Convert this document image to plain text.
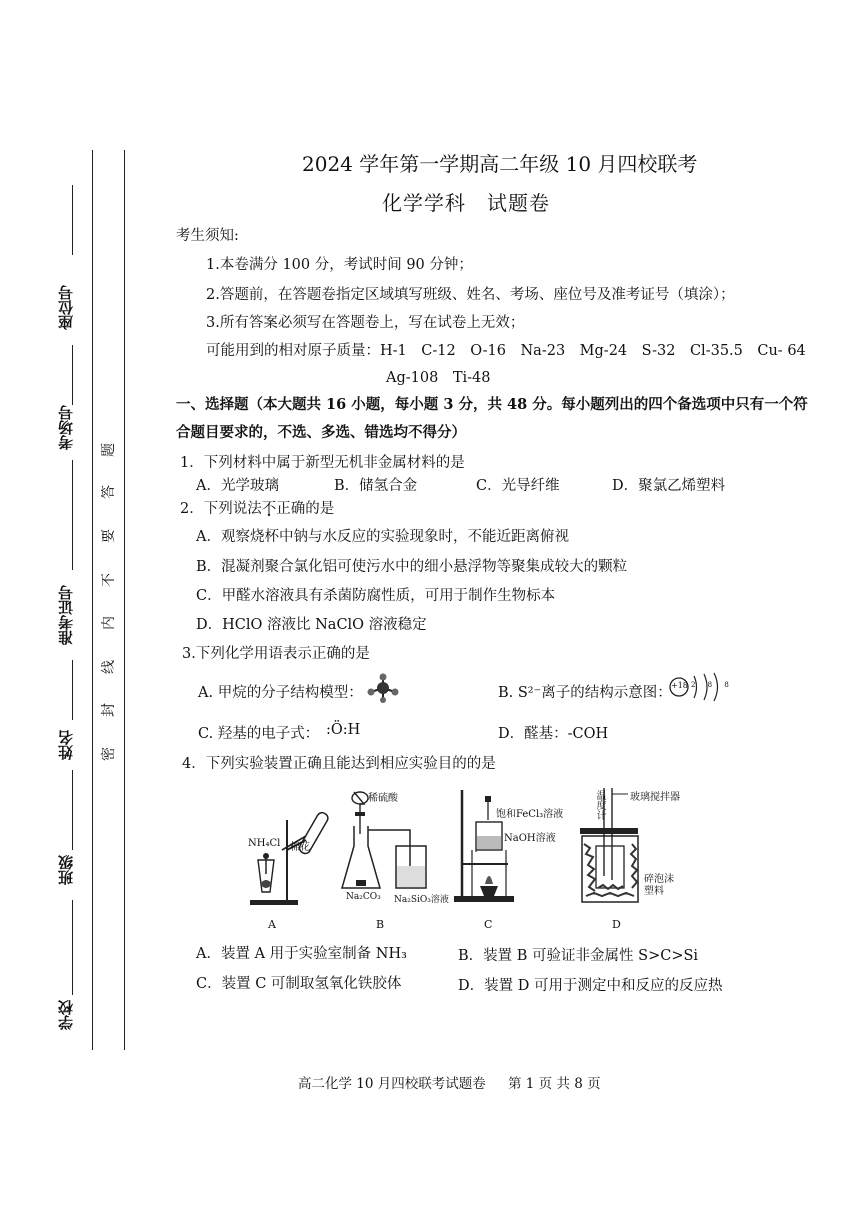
座位号
考场号
准考证号
姓名
班级
学校
题
答
要
不
内
线
封
密
2024 学年第一学期高二年级 10 月四校联考
化学学科　试题卷
考生须知:
1.本卷满分 100 分，考试时间 90 分钟；
2.答题前，在答题卷指定区域填写班级、姓名、考场、座位号及准考证号（填涂）；
3.所有答案必须写在答题卷上，写在试卷上无效；
可能用到的相对原子质量：H-1　C-12　O-16　Na-23　Mg-24　S-32　Cl-35.5　Cu- 64
Ag-108　Ti-48
一、选择题（本大题共 16 小题，每小题 3 分，共 48 分。每小题列出的四个备选项中只有一个符
合题目要求的，不选、多选、错选均不得分）
1．下列材料中属于新型无机非金属材料的是
A．光学玻璃	B．储氢合金	C．光导纤维	D．聚氯乙烯塑料
2．下列说法不正确的是
A．观察烧杯中钠与水反应的实验现象时，不能近距离俯视
B．混凝剂聚合氯化铝可使污水中的细小悬浮物等聚集成较大的颗粒
C．甲醛水溶液具有杀菌防腐性质，可用于制作生物标本
D．HClO 溶液比 NaClO 溶液稳定
3.下列化学用语表示正确的是
A. 甲烷的分子结构模型：	B. S²⁻离子的结构示意图： +18 2 8 8
C. 羟基的电子式： :Ö:H	D．醛基：-COH
4．下列实验装置正确且能达到相应实验目的的是
NH₄Cl 棉花
A
稀硫酸
Na₂CO₃ Na₂SiO₃溶液
B
饱和FeCl₃溶液
NaOH溶液
C
温度计	玻璃搅拌器
碎泡沫塑料
D
A．装置 A 用于实验室制备 NH₃	B．装置 B 可验证非金属性 S>C>Si
C．装置 C 可制取氢氧化铁胶体	D．装置 D 可用于测定中和反应的反应热
高二化学 10 月四校联考试题卷 第 1 页 共 8 页
